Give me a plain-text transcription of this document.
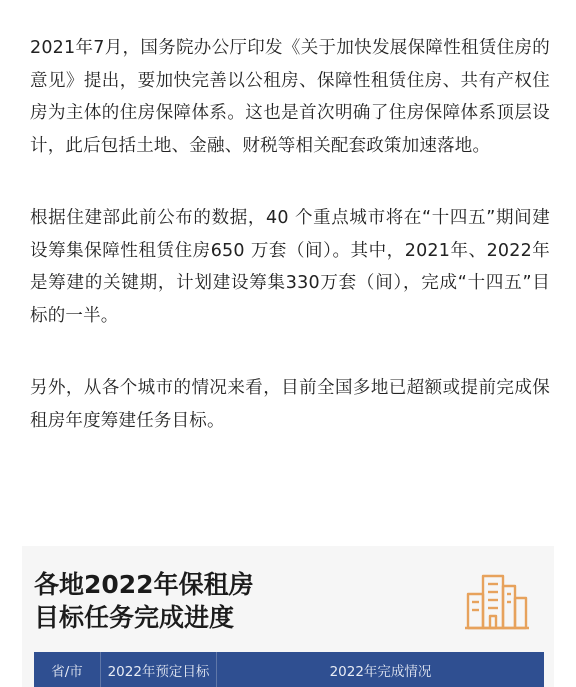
2021年7月，国务院办公厅印发《关于加快发展保障性租赁住房的意见》提出，要加快完善以公租房、保障性租赁住房、共有产权住房为主体的住房保障体系。这也是首次明确了住房保障体系顶层设计，此后包括土地、金融、财税等相关配套政策加速落地。

根据住建部此前公布的数据，40 个重点城市将在“十四五”期间建设筹集保障性租赁住房650 万套（间）。其中，2021年、2022年是筹建的关键期，计划建设筹集330万套（间），完成“十四五”目标的一半。

另外，从各个城市的情况来看，目前全国多地已超额或提前完成保租房年度筹建任务目标。

各地2022年保租房
目标任务完成进度
省/市	2022年预定目标	2022年完成情况
